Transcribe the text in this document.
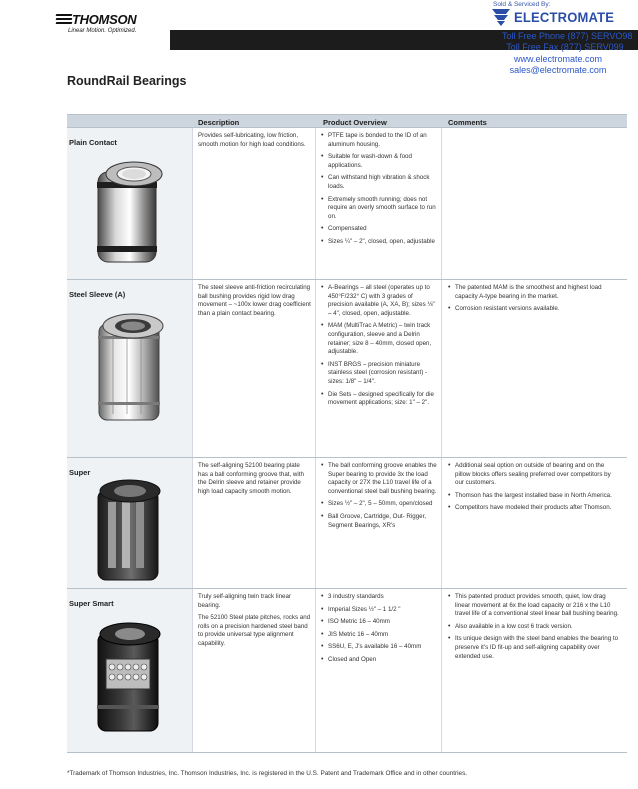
THOMSON
Linear Motion. Optimized.
Sold & Serviced By:
ELECTROMATE
Toll Free Phone (877) SERVO98
Toll Free Fax (877) SERV099
www.electromate.com
sales@electromate.com
RoundRail Bearings
Description	Product Overview	Comments
Plain Contact

Provides self-lubricating, low friction, smooth motion for high load conditions.

• PTFE tape is bonded to the ID of an aluminum housing.
• Suitable for wash-down & food applications.
• Can withstand high vibration & shock loads.
• Extremely smooth running; does not require an overly smooth surface to run on.
• Compensated
• Sizes ¼" – 2", closed, open, adjustable
Steel Sleeve (A)

The steel sleeve anti-friction recirculating ball bushing provides rigid low drag movement – ~100x lower drag coefficient than a plain contact bearing.

• A-Bearings – all steel (operates up to 450°F/232° C) with 3 grades of precision available (A, XA, B); sizes ⅛" – 4", closed, open, adjustable.
• MAM (MultiTrac A Metric) – twin track configuration, sleeve and a Delrin retainer; size 8 – 40mm, closed open, adjustable.
• INST BRGS – precision miniature stainless steel (corrosion resistant) - sizes: 1/8" – 1/4".
• Die Sets – designed specifically for die movement applications; size: 1" – 2".
• The patented MAM is the smoothest and highest load capacity A-type bearing in the market.
• Corrosion resistant versions available.
Super

The self-aligning 52100 bearing plate has a ball conforming groove that, with the Delrin sleeve and retainer provide high load capacity smooth motion.

• The ball conforming groove enables the Super bearing to provide 3x the load capacity or 27X the L10 travel life of a conventional steel ball bushing bearing.
• Sizes ½" – 2", 5 – 50mm, open/closed
• Ball Groove, Cartridge, Out- Rigger, Segment Bearings, XR's
• Additional seal option on outside of bearing and on the pillow blocks offers sealing preferred over competitors by our customers.
• Thomson has the largest installed base in North America.
• Competitors have modeled their products after Thomson.
Super Smart

Truly self-aligning twin track linear bearing.

The 52100 Steel plate pitches, rocks and rolls on a precision hardened steel band to provide universal type alignment capability.

• 3 industry standards
• Imperial Sizes ½" – 1 1/2 "
• ISO Metric 16 – 40mm
• JIS Metric 16 – 40mm
• SS6U, E, J's available 16 – 40mm
• Closed and Open
• This patented product provides smooth, quiet, low drag linear movement at 6x the load capacity or 216 x the L10 travel life of a conventional steel linear ball bushing bearing.
• Also available in a low cost 6 track version.
• Its unique design with the steel band enables the bearing to preserve it's ID fit-up and self-aligning capability over extended use.
*Trademark of Thomson Industries, Inc. Thomson Industries, Inc. is registered in the U.S. Patent and Trademark Office and in other countries.
